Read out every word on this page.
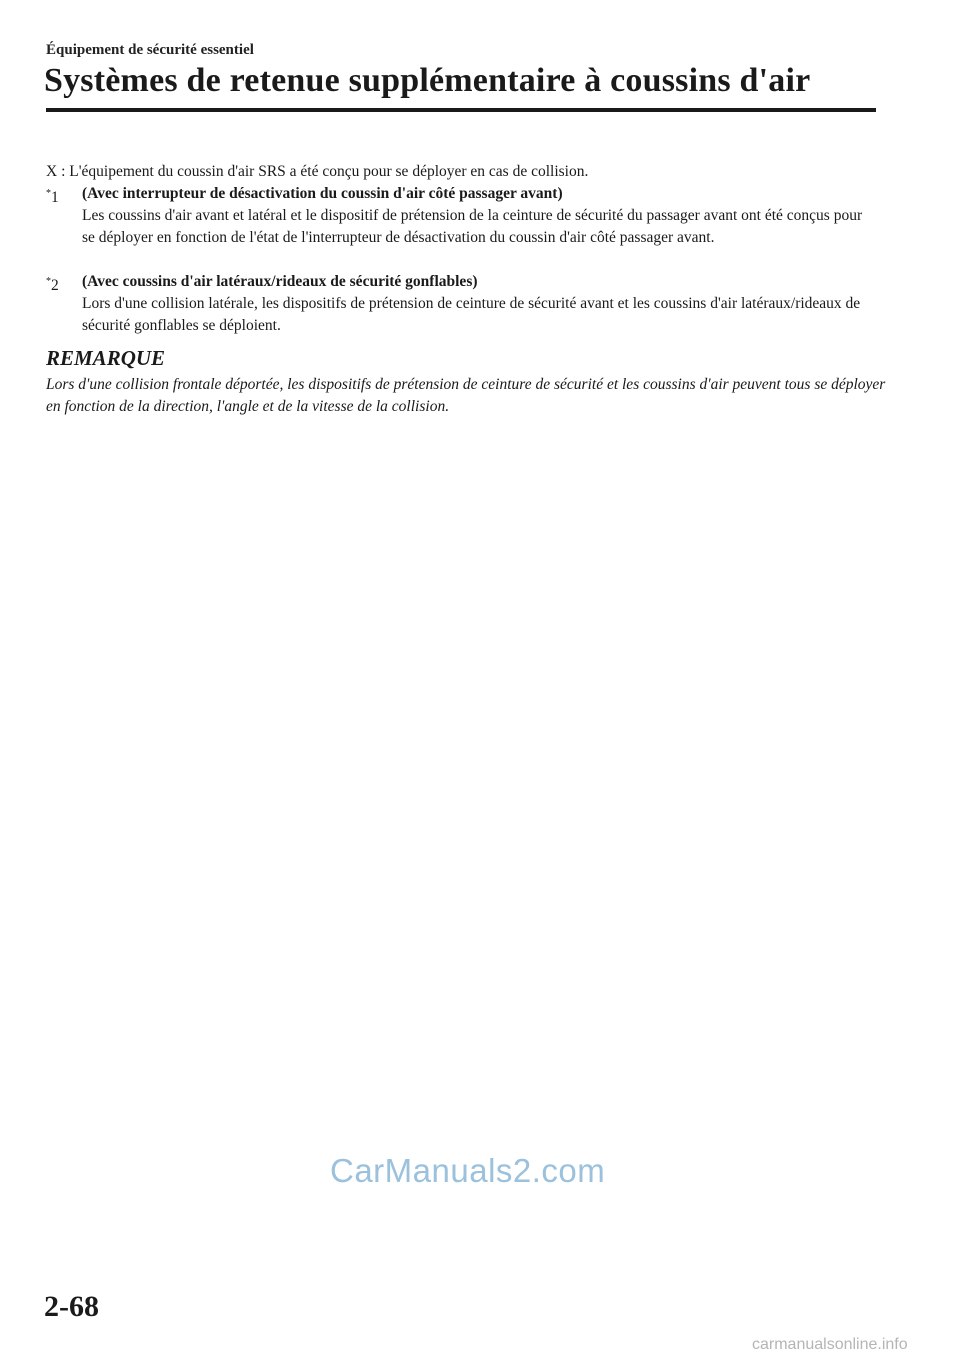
Équipement de sécurité essentiel
Systèmes de retenue supplémentaire à coussins d'air
X : L'équipement du coussin d'air SRS a été conçu pour se déployer en cas de collision.
*1	(Avec interrupteur de désactivation du coussin d'air côté passager avant)
Les coussins d'air avant et latéral et le dispositif de prétension de la ceinture de sécurité du passager avant ont été conçus pour se déployer en fonction de l'état de l'interrupteur de désactivation du coussin d'air côté passager avant.
*2	(Avec coussins d'air latéraux/rideaux de sécurité gonflables)
Lors d'une collision latérale, les dispositifs de prétension de ceinture de sécurité avant et les coussins d'air latéraux/rideaux de sécurité gonflables se déploient.
REMARQUE
Lors d'une collision frontale déportée, les dispositifs de prétension de ceinture de sécurité et les coussins d'air peuvent tous se déployer en fonction de la direction, l'angle et de la vitesse de la collision.
CarManuals2.com
2-68
carmanualsonline.info
